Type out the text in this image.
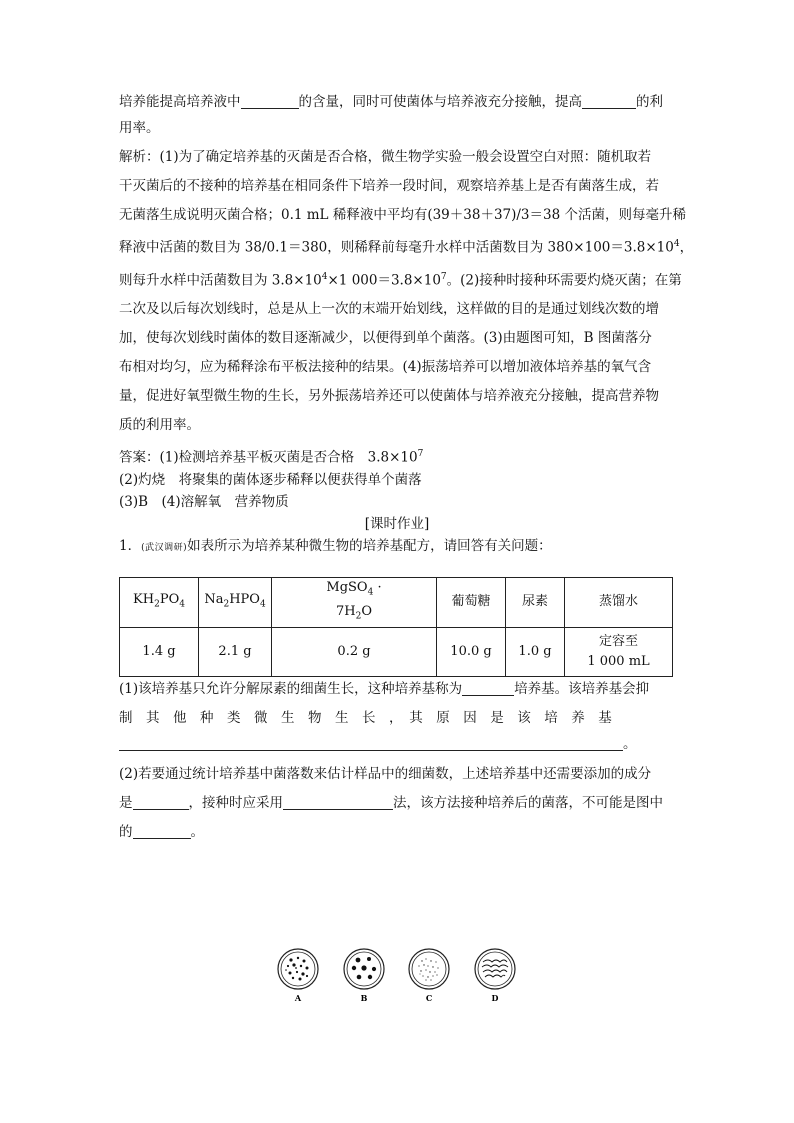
培养能提高培养液中	的含量，同时可使菌体与培养液充分接触，提高	的利

用率。

解析：(1)为了确定培养基的灭菌是否合格，微生物学实验一般会设置空白对照：随机取若

干灭菌后的不接种的培养基在相同条件下培养一段时间，观察培养基上是否有菌落生成，若

无菌落生成说明灭菌合格；0.1 mL 稀释液中平均有(39＋38＋37)/3＝38 个活菌，则每毫升稀

释液中活菌的数目为 38/0.1＝380，则稀释前每毫升水样中活菌数目为 $380\times 100=3.8\times 10^4$，

则每升水样中活菌数目为 $3.8\times 10^4\times 1$ $000=3.8\times 10^7$。(2)接种时接种环需要灼烧灭菌；在第

二次及以后每次划线时，总是从上一次的末端开始划线，这样做的目的是通过划线次数的增

加，使每次划线时菌体的数目逐渐减少，以便得到单个菌落。(3)由题图可知，B 图菌落分

布相对均匀，应为稀释涂布平板法接种的结果。(4)振荡培养可以增加液体培养基的氧气含

量，促进好氧型微生物的生长，另外振荡培养还可以使菌体与培养液充分接触，提高营养物

质的利用率。

答案：(1)检测培养基平板灭菌是否合格　$3.8\times 10^7$

(2)灼烧　将聚集的菌体逐步稀释以便获得单个菌落

(3)B　(4)溶解氧　营养物质

[课时作业]

1．(武汉调研)如表所示为培养某种微生物的培养基配方，请回答有关问题：

$KH_2PO_4$	$Na_2HPO_4$	MgSO$_4$ ·
$7H_2O$	葡萄糖	尿素	蒸馏水
1.4 g	2.1 g	0.2 g	10.0 g	1.0 g	定容至
1 000 mL

(1)该培养基只允许分解尿素的细菌生长，这种培养基称为	培养基。该培养基会抑

制　其　他　种　类　微　生　物　生　长　，　其　原　因　是　该　培　养　基

。

(2)若要通过统计培养基中菌落数来估计样品中的细菌数，上述培养基中还需要添加的成分

是	，接种时应采用	法，该方法接种培养后的菌落，不可能是图中

的	。

A	B	C	D
